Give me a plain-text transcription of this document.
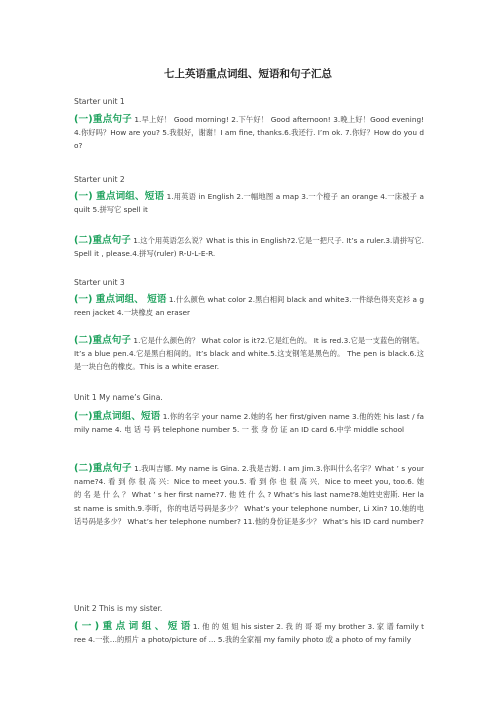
七上英语重点词组、短语和句子汇总
Starter unit 1
(一)重点句子 1.早上好！ Good morning! 2.下午好！ Good afternoon! 3.晚上好！Good evening! 4.你好吗？How are you? 5.我很好，谢谢！I am fine, thanks.6.我还行. I’m ok. 7.你好？How do you do?
Starter unit 2
(一) 重点词组、短语 1.用英语 in English 2.一幅地图 a map 3.一个橙子 an orange 4.一床被子 a quilt 5.拼写它 spell it
(二)重点句子 1.这个用英语怎么说？What is this in English?2.它是一把尺子. It’s a ruler.3.请拼写它. Spell it , please.4.拼写(ruler) R-U-L-E-R.
Starter unit 3
(一) 重点词组、 短语 1.什么颜色 what color 2.黑白相间 black and white3.一件绿色得夹克衫 a green jacket 4.一块橡皮 an eraser
(二)重点句子 1.它是什么颜色的？ What color is it?2.它是红色的。 It is red.3.它是一支蓝色的钢笔。It’s a blue pen.4.它是黑白相间的。It’s black and white.5.这支钢笔是黑色的。 The pen is black.6.这是一块白色的橡皮。This is a white eraser.
Unit 1 My name’s Gina.
(一)重点词组、短语 1.你的名字 your name 2.她的名 her first/given name 3.他的姓 his last / family name 4. 电 话 号 码 telephone number 5. 一 张 身 份 证 an ID card 6.中学 middle school
(二)重点句子 1.我叫吉娜. My name is Gina. 2.我是吉姆. I am Jim.3.你叫什么名字？What ’ s your name?4. 看 到 你 很 高 兴：Nice to meet you.5. 看 到 你 也 很 高 兴．Nice to meet you, too.6. 她 的 名 是 什 么 ？ What ’ s her first name?7. 他 姓 什 么 ? What’s his last name?8.她姓史密斯. Her last name is smith.9.李昕，你的电话号码是多少？ What’s your telephone number, Li Xin? 10.她的电话号码是多少？ What’s her telephone number? 11.他的身份证是多少？ What’s his ID card number?
Unit 2 This is my sister.
( 一 ) 重 点 词 组 、 短 语 1. 他 的 姐 姐 his sister 2. 我 的 哥 哥 my brother 3. 家 谱 family tree 4.一张…的照片 a photo/picture of ... 5.我的全家福 my family photo 或 a photo of my family
